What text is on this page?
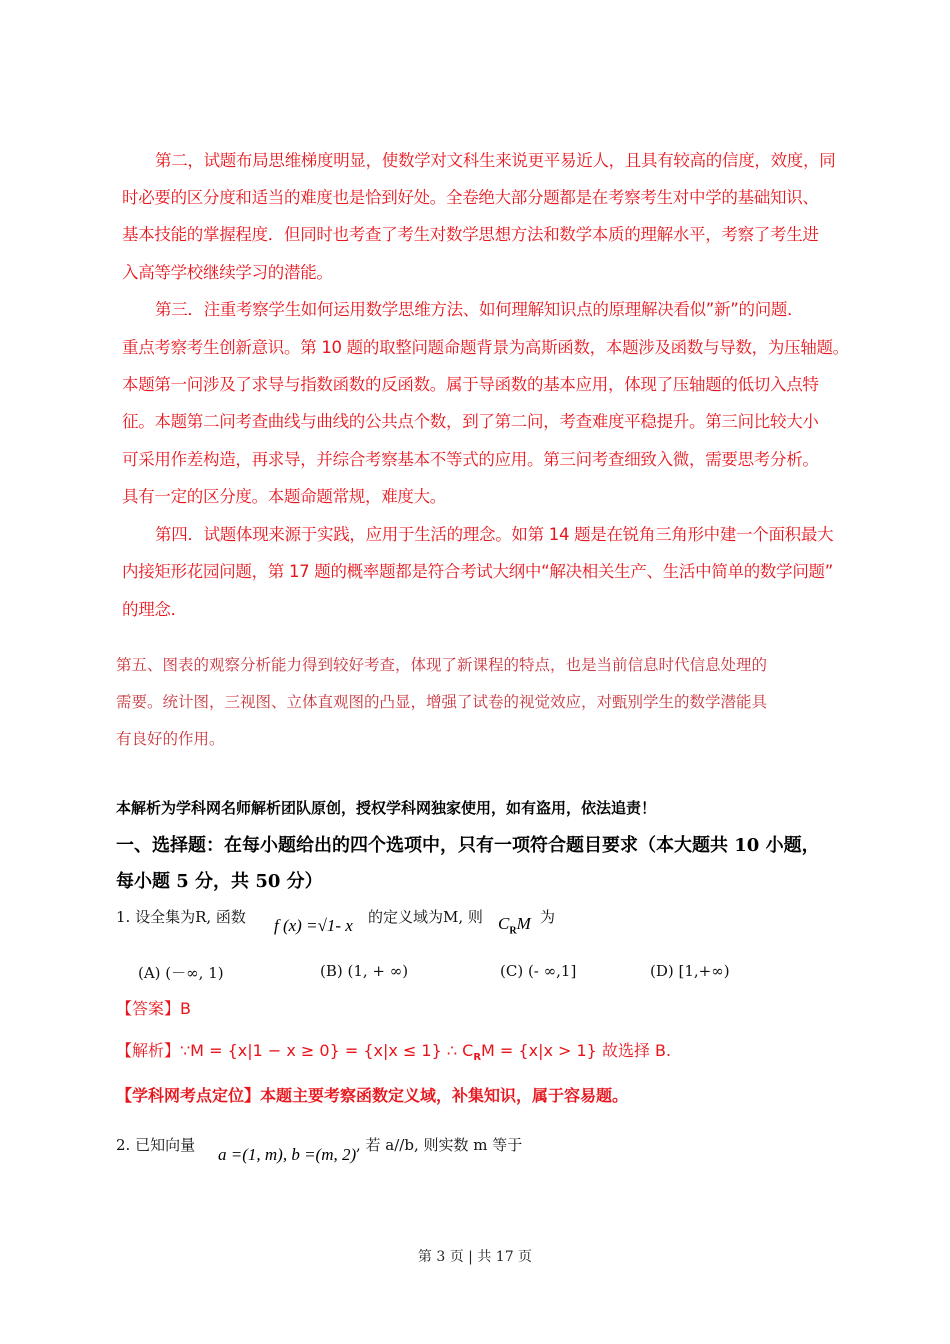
第二，试题布局思维梯度明显，使数学对文科生来说更平易近人，且具有较高的信度，效度，同
时必要的区分度和适当的难度也是恰到好处。全卷绝大部分题都是在考察考生对中学的基础知识、
基本技能的掌握程度．但同时也考查了考生对数学思想方法和数学本质的理解水平，考察了考生进
入高等学校继续学习的潜能。
第三．注重考察学生如何运用数学思维方法、如何理解知识点的原理解决看似”新”的问题．
重点考察考生创新意识。第 10 题的取整问题命题背景为高斯函数，本题涉及函数与导数，为压轴题。
本题第一问涉及了求导与指数函数的反函数。属于导函数的基本应用，体现了压轴题的低切入点特
征。本题第二问考查曲线与曲线的公共点个数，到了第二问，考查难度平稳提升。第三问比较大小
可采用作差构造，再求导，并综合考察基本不等式的应用。第三问考查细致入微，需要思考分析。
具有一定的区分度。本题命题常规，难度大。
第四．试题体现来源于实践，应用于生活的理念。如第 14 题是在锐角三角形中建一个面积最大
内接矩形花园问题，第 17 题的概率题都是符合考试大纲中“解决相关生产、生活中简单的数学问题”
的理念．
第五、图表的观察分析能力得到较好考查，体现了新课程的特点，也是当前信息时代信息处理的
需要。统计图，三视图、立体直观图的凸显，增强了试卷的视觉效应，对甄别学生的数学潜能具
有良好的作用。
本解析为学科网名师解析团队原创，授权学科网独家使用，如有盗用，依法追责！
一、选择题：在每小题给出的四个选项中，只有一项符合题目要求（本大题共 10 小题，
每小题 5 分，共 50 分）
1. 设全集为R, 函数 f (x) =√1- x 的定义域为M, 则 $C_RM$ 为
(A) (－∞, 1)	(B) (1, + ∞)	(C) (- ∞,1]	(D) [1,+∞)
【答案】B
【解析】∵M = {x|1 − x ≥ 0} = {x|x ≤ 1} ∴ $C_RM = \{x|x > 1\}$ 故选择 B.
【学科网考点定位】本题主要考察函数定义域，补集知识，属于容易题。
2. 已知向量 a =(1, m), b =(m, 2) , 若 a//b, 则实数 m 等于
第 3 页 | 共 17 页
